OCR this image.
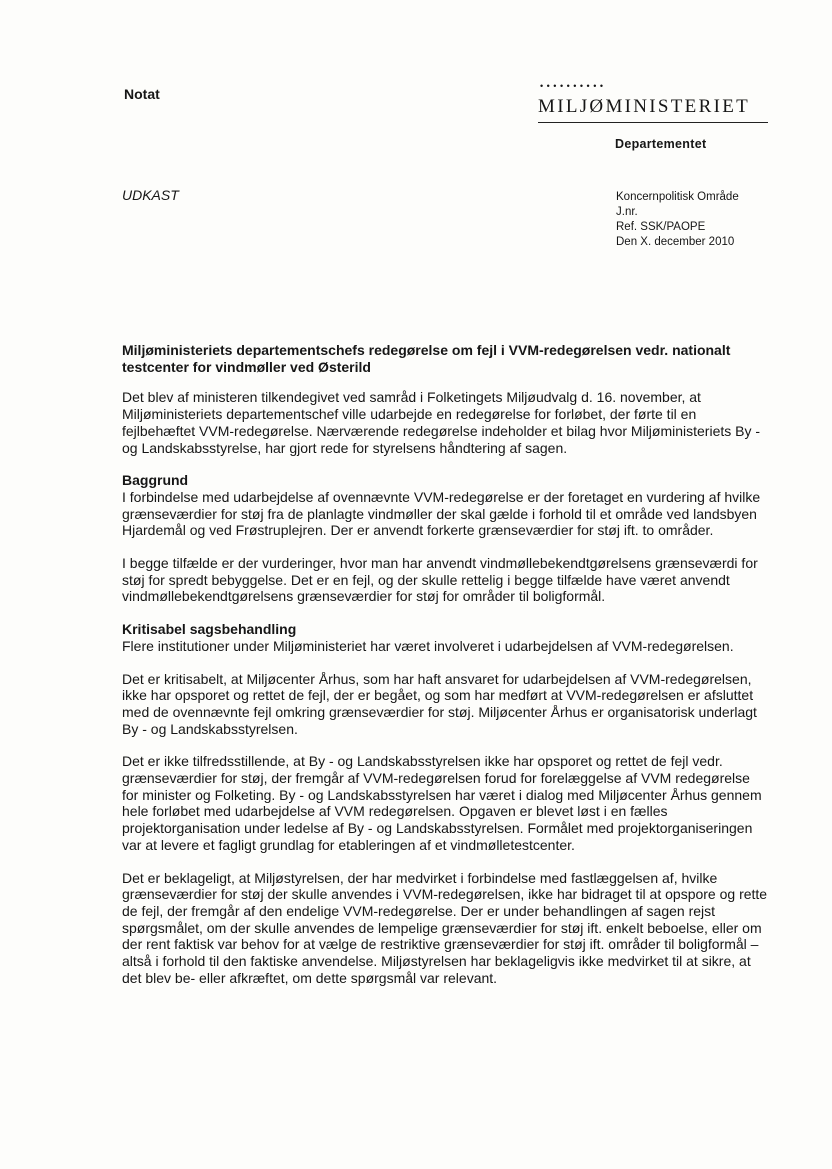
Notat	••••••••••
MILJØMINISTERIET
Departementet
UDKAST	Koncernpolitisk Område
J.nr.
Ref. SSK/PAOPE
Den X. december 2010

Miljøministeriets departementschefs redegørelse om fejl i VVM-redegørelsen vedr. nationalt testcenter for vindmøller ved Østerild

Det blev af ministeren tilkendegivet ved samråd i Folketingets Miljøudvalg d. 16. november, at Miljøministeriets departementschef ville udarbejde en redegørelse for forløbet, der førte til en fejlbehæftet VVM-redegørelse. Nærværende redegørelse indeholder et bilag hvor Miljøministeriets By - og Landskabsstyrelse, har gjort rede for styrelsens håndtering af sagen.

Baggrund

I forbindelse med udarbejdelse af ovennævnte VVM-redegørelse er der foretaget en vurdering af hvilke grænseværdier for støj fra de planlagte vindmøller der skal gælde i forhold til et område ved landsbyen Hjardemål og ved Frøstruplejren. Der er anvendt forkerte grænseværdier for støj ift. to områder.

I begge tilfælde er der vurderinger, hvor man har anvendt vindmøllebekendtgørelsens grænseværdi for støj for spredt bebyggelse. Det er en fejl, og der skulle rettelig i begge tilfælde have været anvendt vindmøllebekendtgørelsens grænseværdier for støj for områder til boligformål.

Kritisabel sagsbehandling

Flere institutioner under Miljøministeriet har været involveret i udarbejdelsen af VVM-redegørelsen.

Det er kritisabelt, at Miljøcenter Århus, som har haft ansvaret for udarbejdelsen af VVM-redegørelsen, ikke har opsporet og rettet de fejl, der er begået, og som har medført at VVM-redegørelsen er afsluttet med de ovennævnte fejl omkring grænseværdier for støj. Miljøcenter Århus er organisatorisk underlagt By - og Landskabsstyrelsen.

Det er ikke tilfredsstillende, at By - og Landskabsstyrelsen ikke har opsporet og rettet de fejl vedr. grænseværdier for støj, der fremgår af VVM-redegørelsen forud for forelæggelse af VVM redegørelse for minister og Folketing. By - og Landskabsstyrelsen har været i dialog med Miljøcenter Århus gennem hele forløbet med udarbejdelse af VVM redegørelsen. Opgaven er blevet løst i en fælles projektorganisation under ledelse af By - og Landskabsstyrelsen. Formålet med projektorganiseringen var at levere et fagligt grundlag for etableringen af et vindmølletestcenter.

Det er beklageligt, at Miljøstyrelsen, der har medvirket i forbindelse med fastlæggelsen af, hvilke grænseværdier for støj der skulle anvendes i VVM-redegørelsen, ikke har bidraget til at opspore og rette de fejl, der fremgår af den endelige VVM-redegørelse. Der er under behandlingen af sagen rejst spørgsmålet, om der skulle anvendes de lempelige grænseværdier for støj ift. enkelt beboelse, eller om der rent faktisk var behov for at vælge de restriktive grænseværdier for støj ift. områder til boligformål – altså i forhold til den faktiske anvendelse. Miljøstyrelsen har beklageligvis ikke medvirket til at sikre, at det blev be- eller afkræftet, om dette spørgsmål var relevant.
